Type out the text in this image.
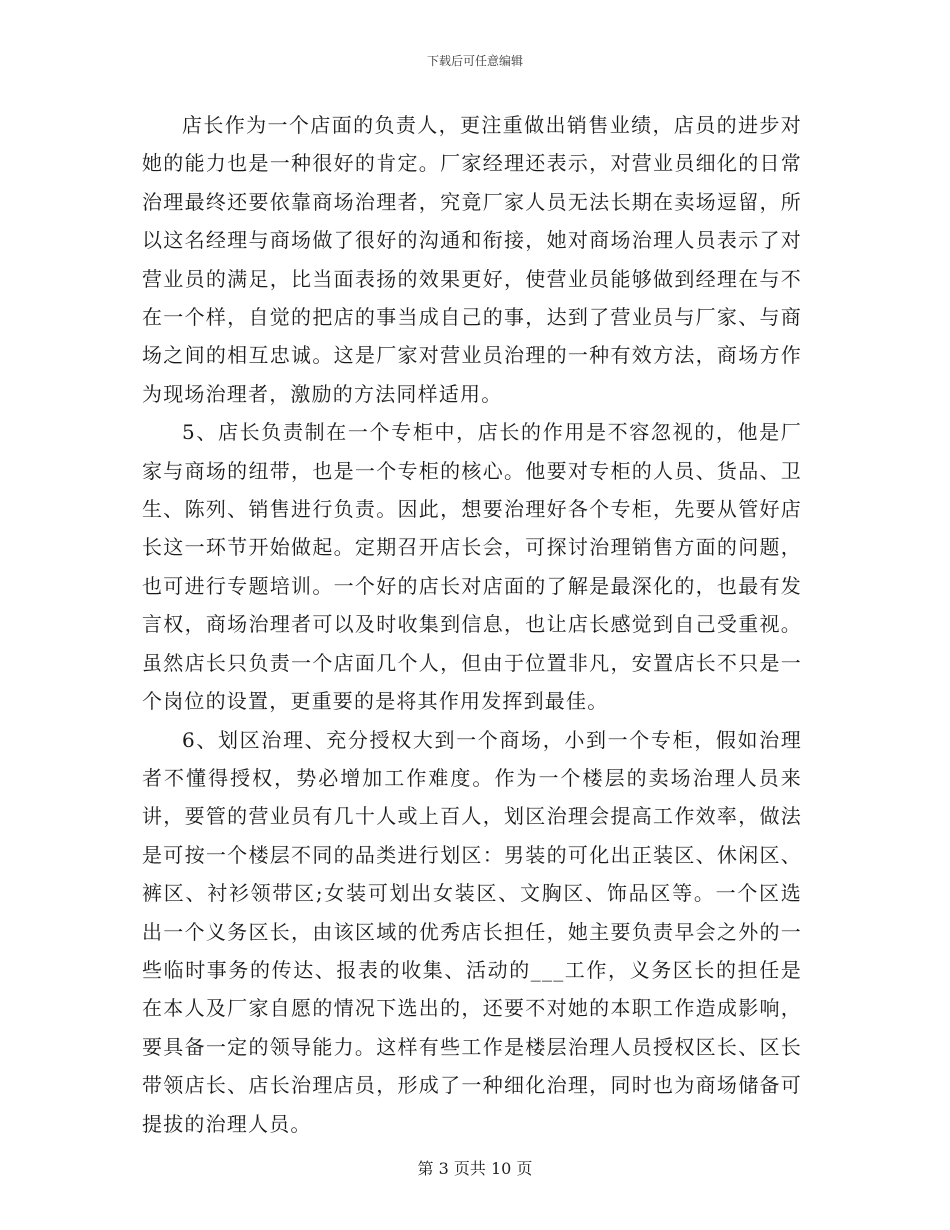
下载后可任意编辑

店长作为一个店面的负责人，更注重做出销售业绩，店员的进步对她的能力也是一种很好的肯定。厂家经理还表示，对营业员细化的日常治理最终还要依靠商场治理者，究竟厂家人员无法长期在卖场逗留，所以这名经理与商场做了很好的沟通和衔接，她对商场治理人员表示了对营业员的满足，比当面表扬的效果更好，使营业员能够做到经理在与不在一个样，自觉的把店的事当成自己的事，达到了营业员与厂家、与商场之间的相互忠诚。这是厂家对营业员治理的一种有效方法，商场方作为现场治理者，激励的方法同样适用。

5、店长负责制在一个专柜中，店长的作用是不容忽视的，他是厂家与商场的纽带，也是一个专柜的核心。他要对专柜的人员、货品、卫生、陈列、销售进行负责。因此，想要治理好各个专柜，先要从管好店长这一环节开始做起。定期召开店长会，可探讨治理销售方面的问题，也可进行专题培训。一个好的店长对店面的了解是最深化的，也最有发言权，商场治理者可以及时收集到信息，也让店长感觉到自己受重视。虽然店长只负责一个店面几个人，但由于位置非凡，安置店长不只是一个岗位的设置，更重要的是将其作用发挥到最佳。

6、划区治理、充分授权大到一个商场，小到一个专柜，假如治理者不懂得授权，势必增加工作难度。作为一个楼层的卖场治理人员来讲，要管的营业员有几十人或上百人，划区治理会提高工作效率，做法是可按一个楼层不同的品类进行划区：男装的可化出正装区、休闲区、裤区、衬衫领带区;女装可划出女装区、文胸区、饰品区等。一个区选出一个义务区长，由该区域的优秀店长担任，她主要负责早会之外的一些临时事务的传达、报表的收集、活动的___工作，义务区长的担任是在本人及厂家自愿的情况下选出的，还要不对她的本职工作造成影响，要具备一定的领导能力。这样有些工作是楼层治理人员授权区长、区长带领店长、店长治理店员，形成了一种细化治理，同时也为商场储备可提拔的治理人员。

第 3 页共 10 页
